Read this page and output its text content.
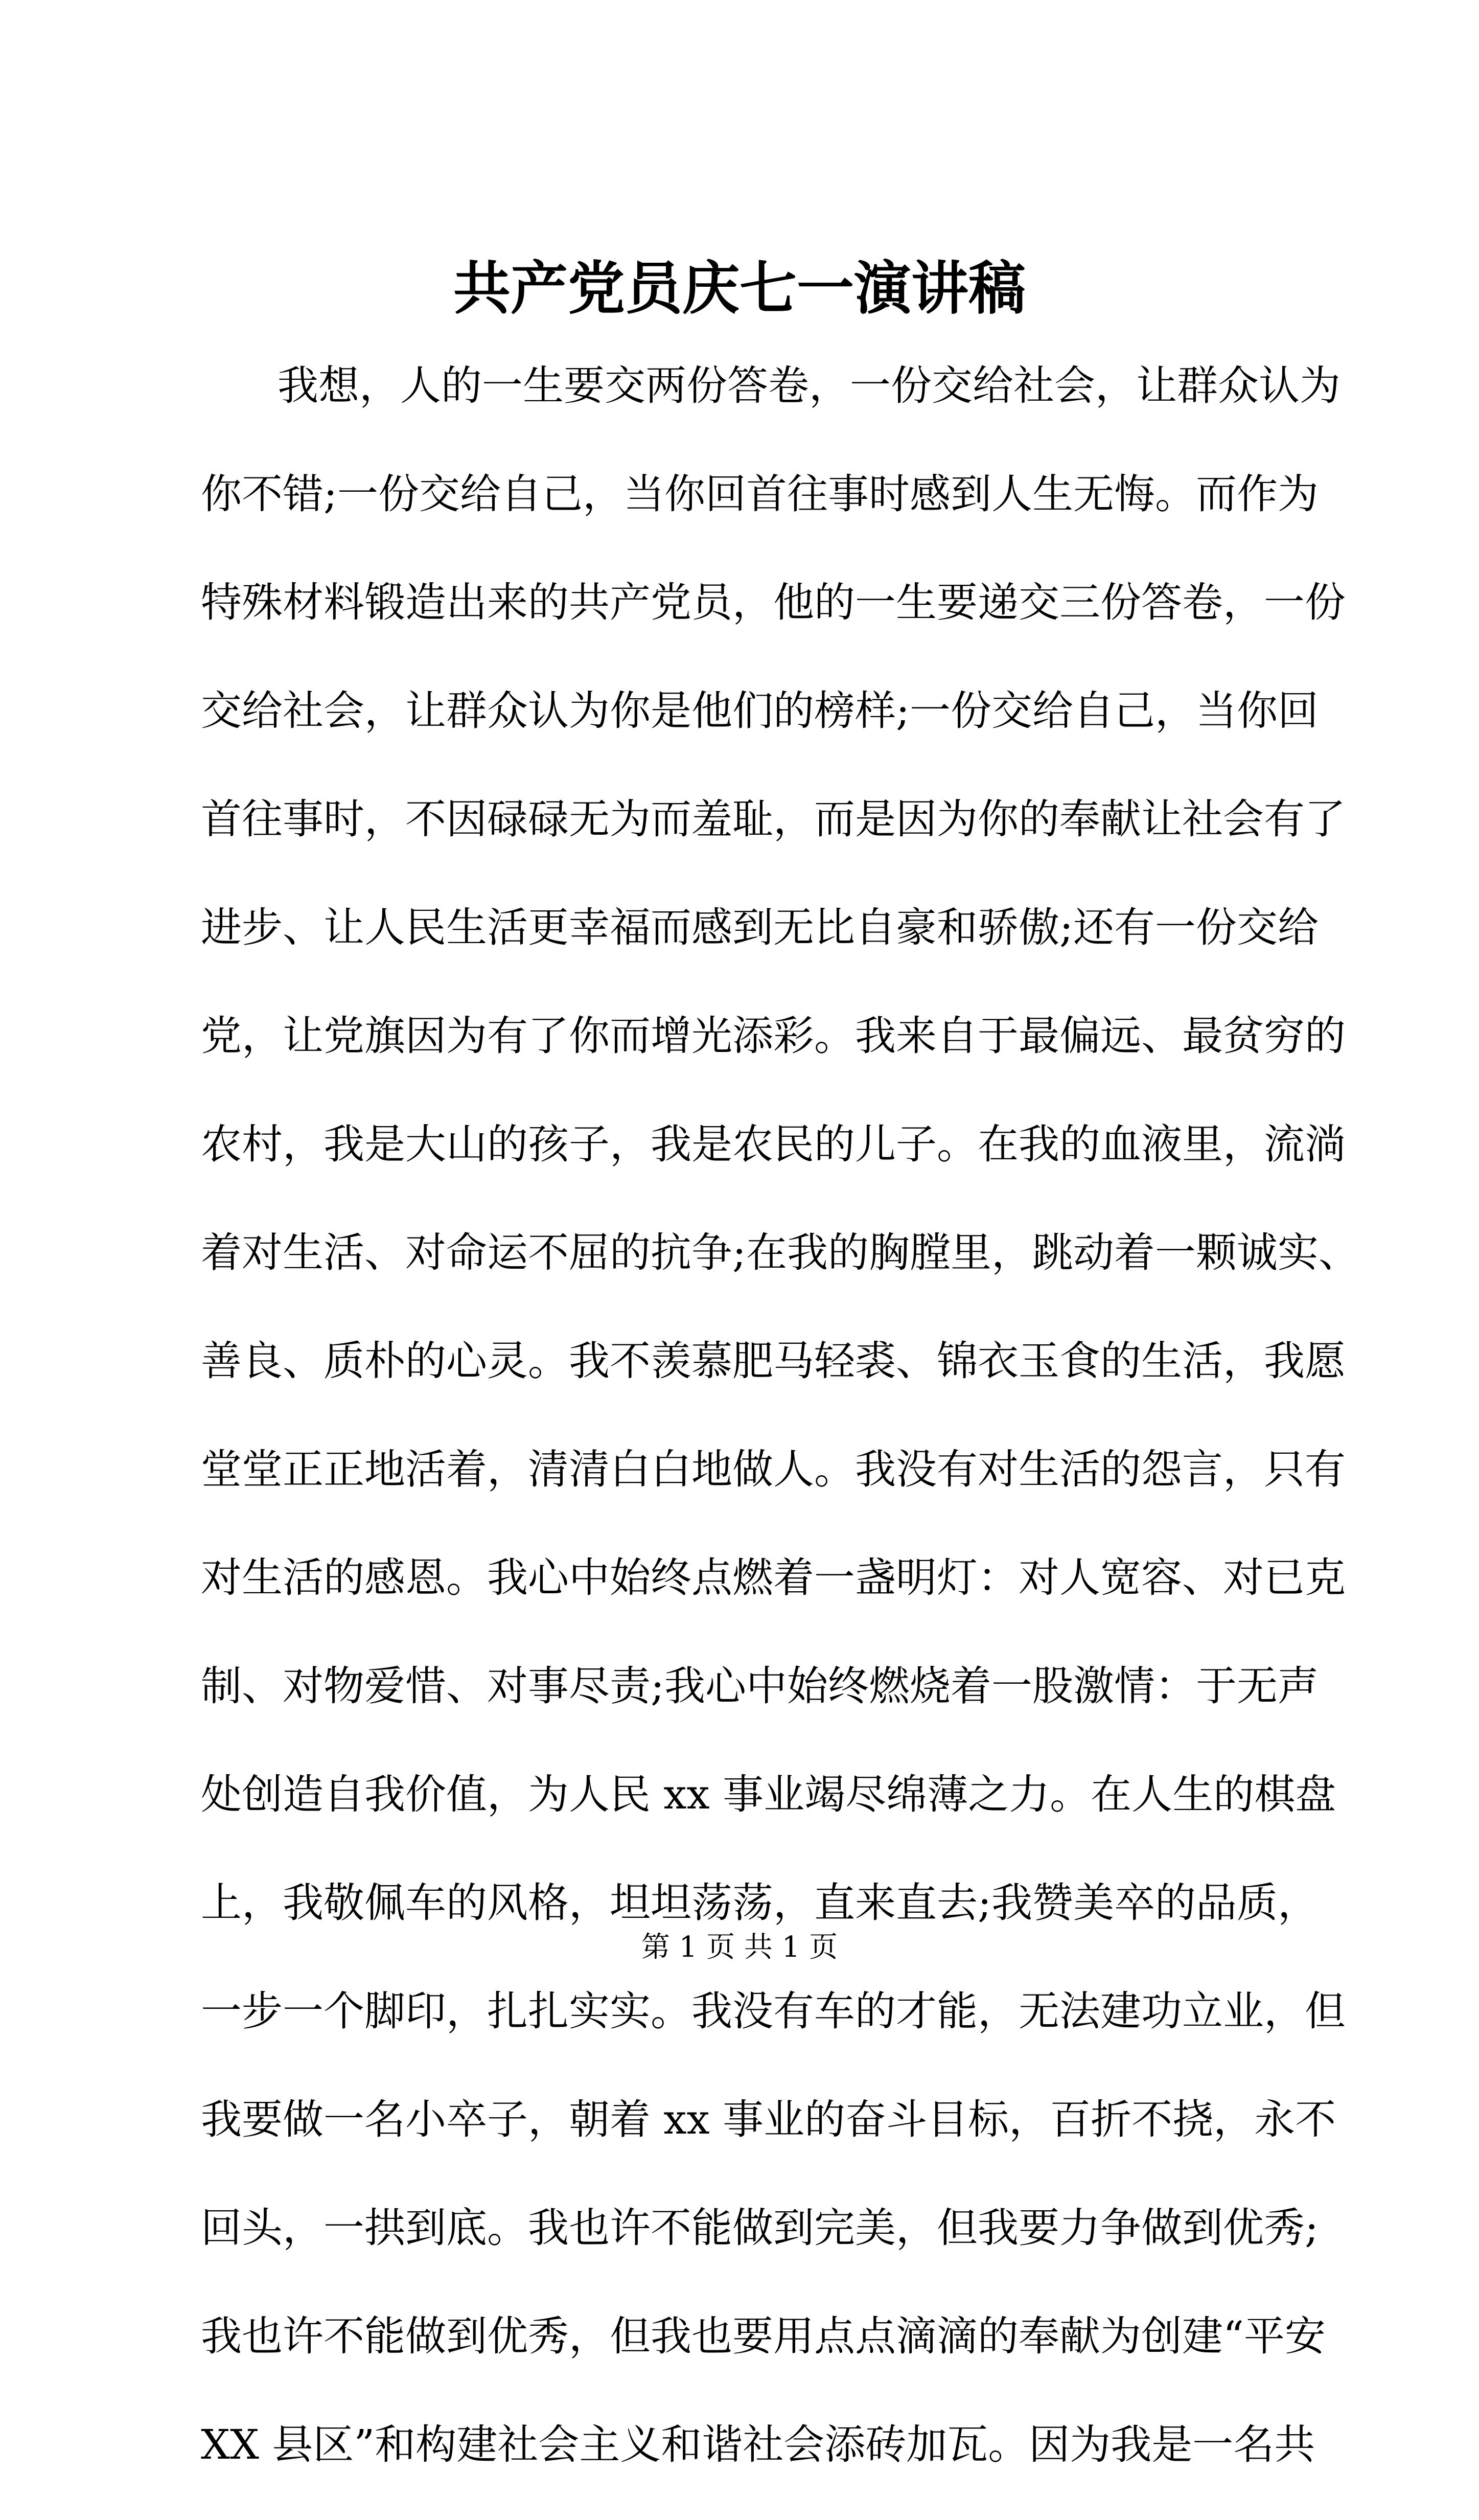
共产党员庆七一演讲稿
我想，人的一生要交两份答卷，一份交给社会，让群众认为
你不错;一份交给自己，当你回首往事时感到人生无悔。而作为
特殊材料锻造出来的共产党员，他的一生要递交三份答卷，一份
交给社会，让群众认为你是他们的榜样;一份交给自己，当你回
首往事时，不因碌碌无为而羞耻，而是因为你的奉献让社会有了
进步、让人民生活更幸福而感到无比自豪和骄傲;还有一份交给
党，让党旗因为有了你而增光添彩。我来自于最偏远、最贫穷的
农村，我是大山的孩子，我是农民的儿子。在我的血液里，流淌
着对生活、对命运不屈的抗争;在我的胸膛里，跳动着一颗诚实、
善良、质朴的心灵。我不羡慕肥马轻裘、锦衣玉食的生活，我愿
堂堂正正地活着，清清白白地做人。我没有对生活的怨言，只有
对生活的感恩。我心中始终点燃着一盏明灯：对人宽容、对已克
制、对物爱惜、对事尽责;我心中始终燃烧着一股激情：于无声
处创造自我价值，为人民 xx 事业竭尽绵薄之力。在人生的棋盘
上，我敬佩车的风格，坦坦荡荡，直来直去;我赞美卒的品质，
一步一个脚印，扎扎实实。我没有车的才能，无法建功立业，但
我要做一名小卒子，朝着 xx 事业的奋斗目标，百折不挠，永不
回头，一拱到底。我也许不能做到完美，但我要力争做到优秀;
我也许不能做到优秀，但我也要用点点滴滴的奉献为创建“平安
XX 县区”和构建社会主义和谐社会添砖加瓦。因为我是一名共
第 1 页 共 1 页
